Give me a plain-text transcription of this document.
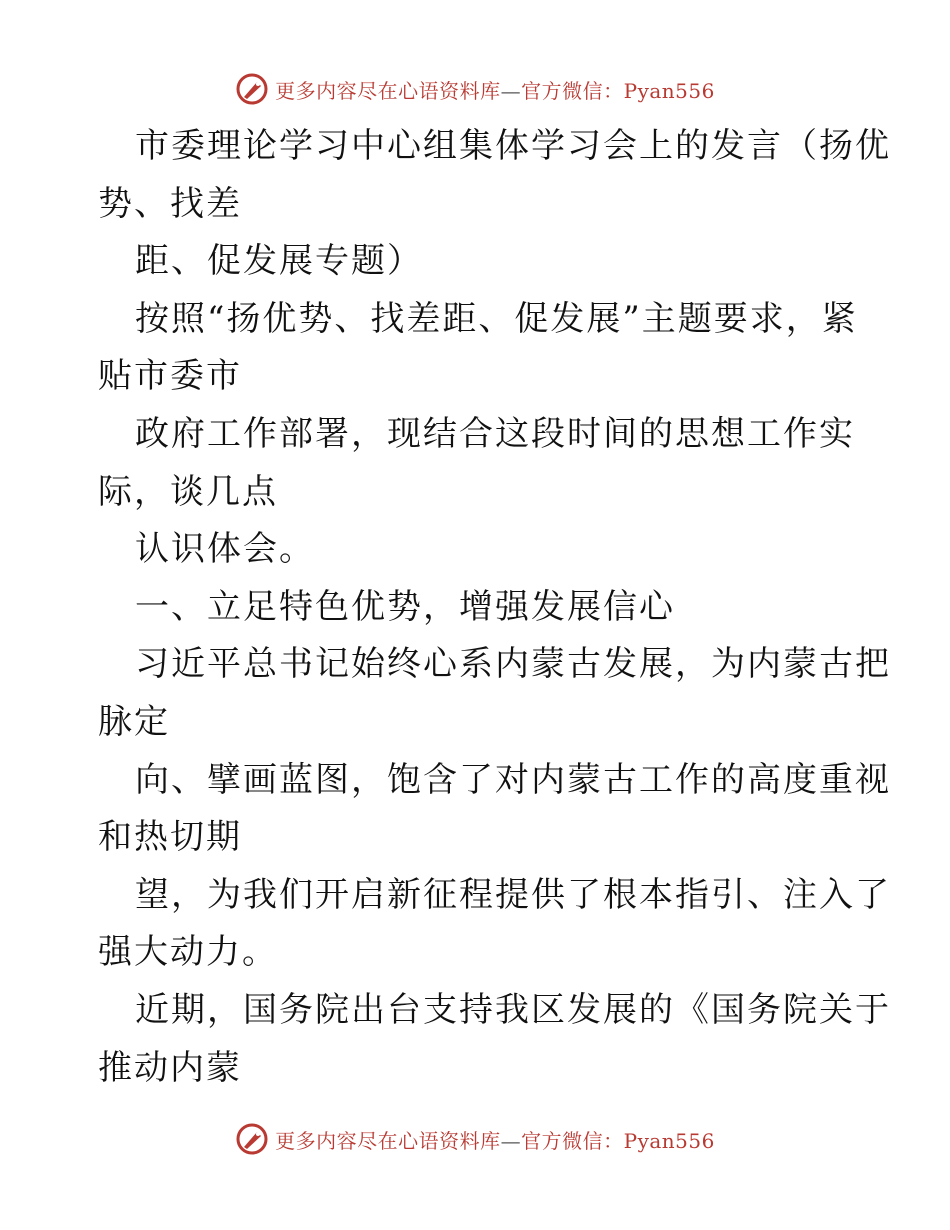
更多内容尽在心语资料库—官方微信：Pyan556
市委理论学习中心组集体学习会上的发言（扬优
势、找差
距、促发展专题）
按照“扬优势、找差距、促发展”主题要求，紧
贴市委市
政府工作部署，现结合这段时间的思想工作实
际，谈几点
认识体会。
一、立足特色优势，增强发展信心
习近平总书记始终心系内蒙古发展，为内蒙古把
脉定
向、擘画蓝图，饱含了对内蒙古工作的高度重视
和热切期
望，为我们开启新征程提供了根本指引、注入了
强大动力。
近期，国务院出台支持我区发展的《国务院关于
推动内蒙
更多内容尽在心语资料库—官方微信：Pyan556
